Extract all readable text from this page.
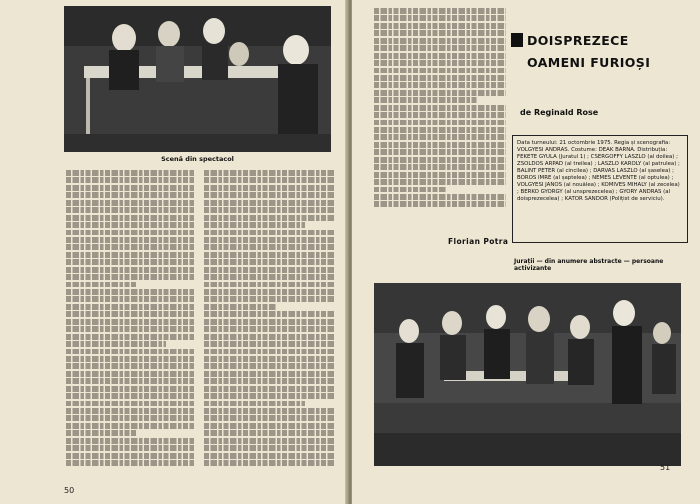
Scenă din spectacol
50
Florian Potra
DOISPREZECE
OAMENI FURIOȘI
de Reginald Rose
Data turneului: 21 octombrie 1975. Regia și scenografia: VOLGYESI ANDRAS. Costume: DEAK BARNA. Distribuția: FEKETE GYULA (Juratul 1) ; CSERGOFFY LASZLO (al doilea) ; ZSOLDOS ARPAD (al treilea) ; LASZLO KAROLY (al patrulea) ; BALINT PETER (al cincilea) ; DARVAS LASZLO (al șaselea) ; BOROS IMRE (al șaptelea) ; NEMES LEVENTE (al optulea) ; VOLGYESI JANOS (al nouălea) ; KOMIVES MIHALY (al zecelea) ; BERKO GYORGY (al unsprezecelea) ; GYORY ANDRAS (al doisprezecelea) ; KATOR SANDOR (Polițist de serviciu).
Jurații — din anumere abstracte — persoane activizante
51
